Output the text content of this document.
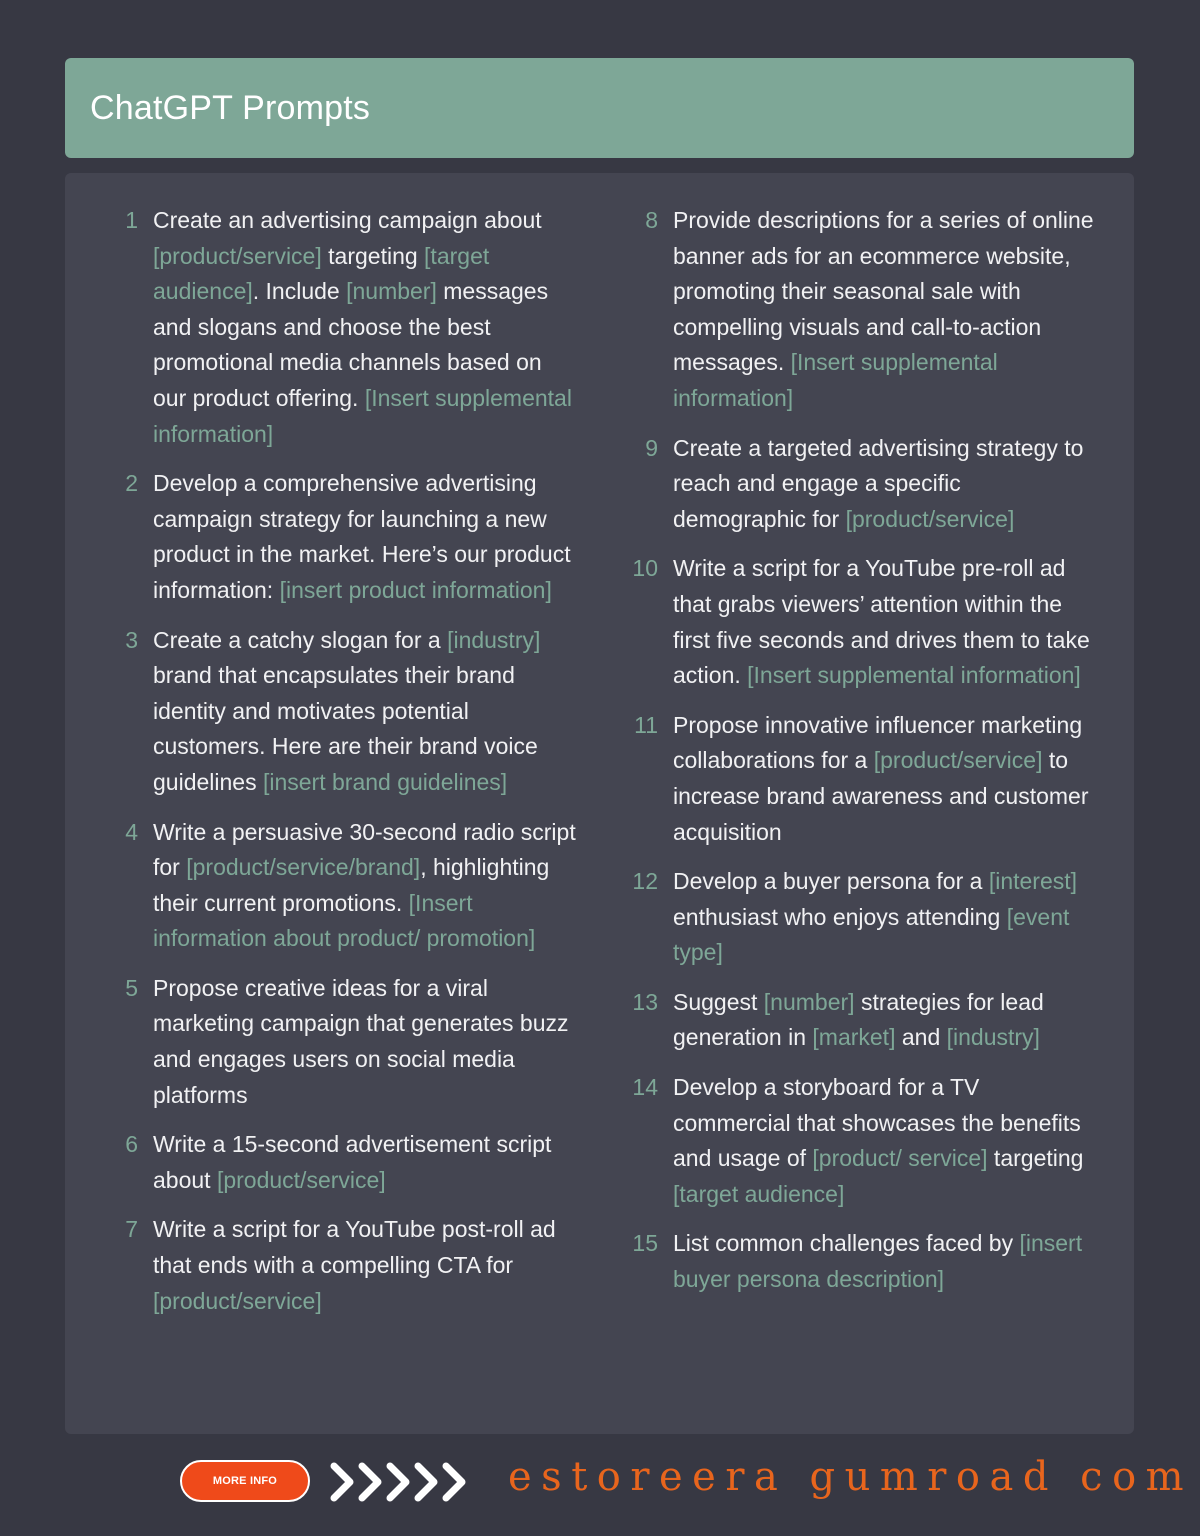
ChatGPT Prompts
1 Create an advertising campaign about [product/service] targeting [target audience]. Include [number] messages and slogans and choose the best promotional media channels based on our product offering. [Insert supplemental information]
2 Develop a comprehensive advertising campaign strategy for launching a new product in the market. Here’s our product information: [insert product information]
3 Create a catchy slogan for a [industry] brand that encapsulates their brand identity and motivates potential customers. Here are their brand voice guidelines [insert brand guidelines]
4 Write a persuasive 30-second radio script for [product/service/brand], highlighting their current promotions. [Insert information about product/ promotion]
5 Propose creative ideas for a viral marketing campaign that generates buzz and engages users on social media platforms
6 Write a 15-second advertisement script about [product/service]
7 Write a script for a YouTube post-roll ad that ends with a compelling CTA for [product/service]
8 Provide descriptions for a series of online banner ads for an ecommerce website, promoting their seasonal sale with compelling visuals and call-to-action messages. [Insert supplemental information]
9 Create a targeted advertising strategy to reach and engage a specific demographic for [product/service]
10 Write a script for a YouTube pre-roll ad that grabs viewers’ attention within the first five seconds and drives them to take action. [Insert supplemental information]
11 Propose innovative influencer marketing collaborations for a [product/service] to increase brand awareness and customer acquisition
12 Develop a buyer persona for a [interest] enthusiast who enjoys attending [event type]
13 Suggest [number] strategies for lead generation in [market] and [industry]
14 Develop a storyboard for a TV commercial that showcases the benefits and usage of [product/ service] targeting [target audience]
15 List common challenges faced by [insert buyer persona description]
MORE INFO	estoreera gumroad com
